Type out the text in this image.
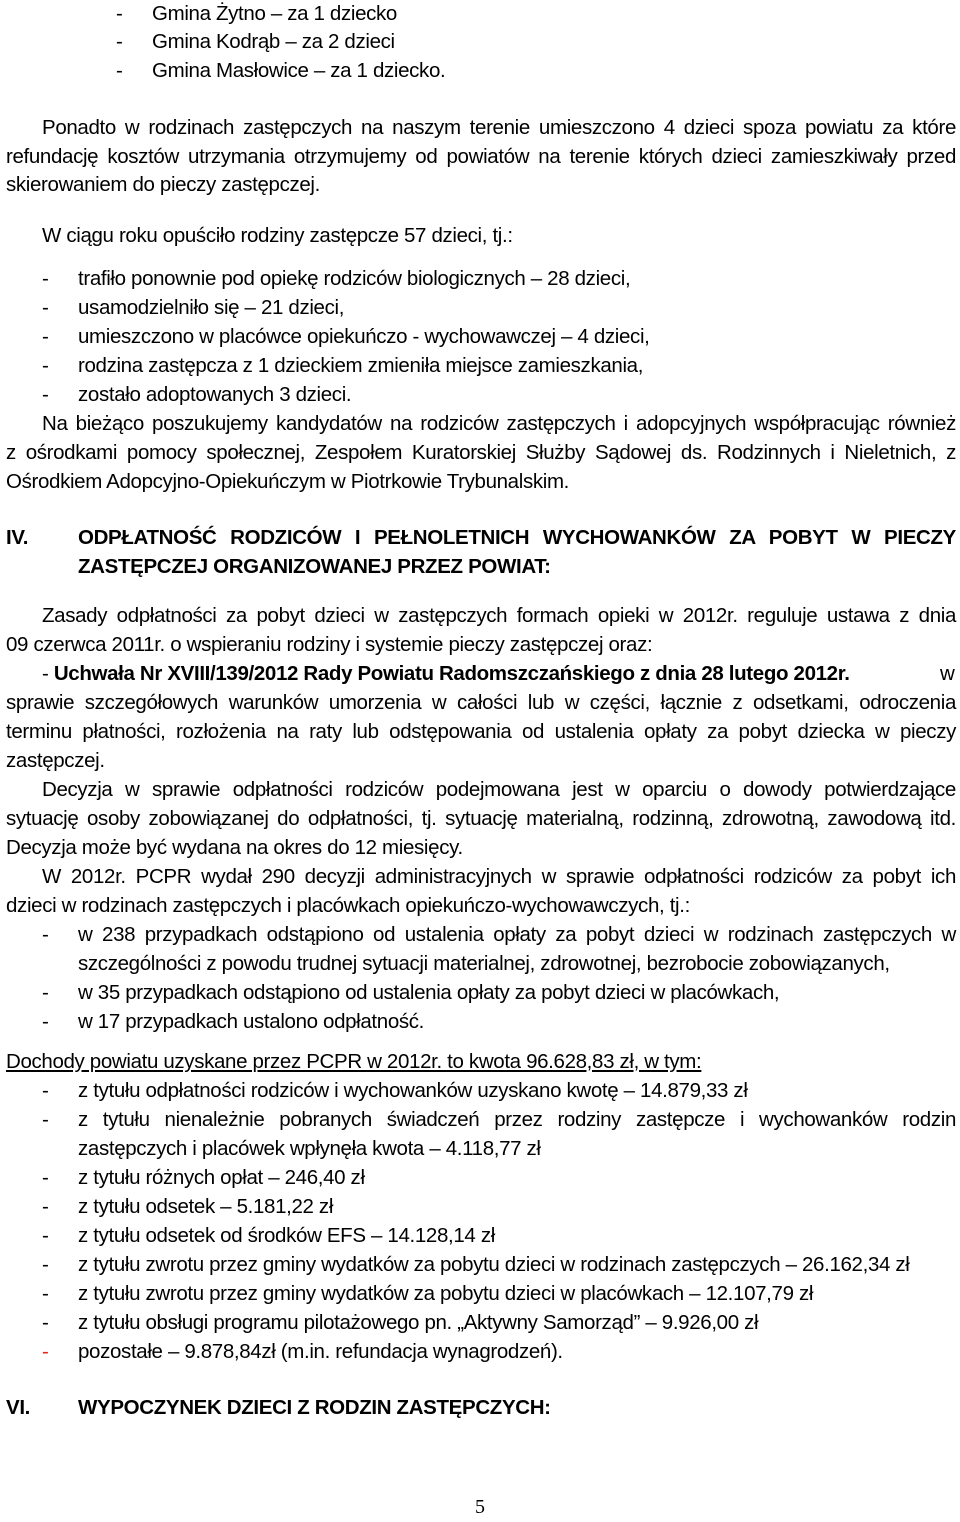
- Gmina Żytno – za 1 dziecko
- Gmina Kodrąb – za 2 dzieci
- Gmina Masłowice – za 1 dziecko.
Ponadto w rodzinach zastępczych na naszym terenie umieszczono 4 dzieci spoza powiatu za które
refundację kosztów utrzymania otrzymujemy od powiatów na terenie których dzieci zamieszkiwały przed
skierowaniem do pieczy zastępczej.
W ciągu roku opuściło rodziny zastępcze 57 dzieci, tj.:
- trafiło ponownie pod opiekę rodziców biologicznych – 28 dzieci,
- usamodzielniło się – 21 dzieci,
- umieszczono w placówce opiekuńczo - wychowawczej – 4 dzieci,
- rodzina zastępcza z 1 dzieckiem zmieniła miejsce zamieszkania,
- zostało adoptowanych 3 dzieci.
Na bieżąco poszukujemy kandydatów na rodziców zastępczych i adopcyjnych współpracując również
z ośrodkami pomocy społecznej, Zespołem Kuratorskiej Służby Sądowej ds. Rodzinnych i Nieletnich, z
Ośrodkiem Adopcyjno-Opiekuńczym w Piotrkowie Trybunalskim.
IV. ODPŁATNOŚĆ RODZICÓW I PEŁNOLETNICH WYCHOWANKÓW ZA POBYT W PIECZY
ZASTĘPCZEJ ORGANIZOWANEJ PRZEZ POWIAT:
Zasady odpłatności za pobyt dzieci w zastępczych formach opieki w 2012r. reguluje ustawa z dnia
09 czerwca 2011r. o wspieraniu rodziny i systemie pieczy zastępczej oraz:
- Uchwała Nr XVIII/139/2012 Rady Powiatu Radomszczańskiego z dnia 28 lutego 2012r.	w
sprawie szczegółowych warunków umorzenia w całości lub w części, łącznie z odsetkami, odroczenia
terminu płatności, rozłożenia na raty lub odstępowania od ustalenia opłaty za pobyt dziecka w pieczy
zastępczej.
Decyzja w sprawie odpłatności rodziców podejmowana jest w oparciu o dowody potwierdzające
sytuację osoby zobowiązanej do odpłatności, tj. sytuację materialną, rodzinną, zdrowotną, zawodową itd.
Decyzja może być wydana na okres do 12 miesięcy.
W 2012r. PCPR wydał 290 decyzji administracyjnych w sprawie odpłatności rodziców za pobyt ich
dzieci w rodzinach zastępczych i placówkach opiekuńczo-wychowawczych, tj.:
- w 238 przypadkach odstąpiono od ustalenia opłaty za pobyt dzieci w rodzinach zastępczych w
szczególności z powodu trudnej sytuacji materialnej, zdrowotnej, bezrobocie zobowiązanych,
- w 35 przypadkach odstąpiono od ustalenia opłaty za pobyt dzieci w placówkach,
- w 17 przypadkach ustalono odpłatność.
Dochody powiatu uzyskane przez PCPR w 2012r. to kwota 96.628,83 zł, w tym:
- z tytułu odpłatności rodziców i wychowanków uzyskano kwotę – 14.879,33 zł
- z tytułu nienależnie pobranych świadczeń przez rodziny zastępcze i wychowanków rodzin
zastępczych i placówek wpłynęła kwota – 4.118,77 zł
- z tytułu różnych opłat – 246,40 zł
- z tytułu odsetek – 5.181,22 zł
- z tytułu odsetek od środków EFS – 14.128,14 zł
- z tytułu zwrotu przez gminy wydatków za pobytu dzieci w rodzinach zastępczych – 26.162,34 zł
- z tytułu zwrotu przez gminy wydatków za pobytu dzieci w placówkach – 12.107,79 zł
- z tytułu obsługi programu pilotażowego pn. „Aktywny Samorząd” – 9.926,00 zł
- pozostałe – 9.878,84zł (m.in. refundacja wynagrodzeń).
VI. WYPOCZYNEK DZIECI Z RODZIN ZASTĘPCZYCH:
5
